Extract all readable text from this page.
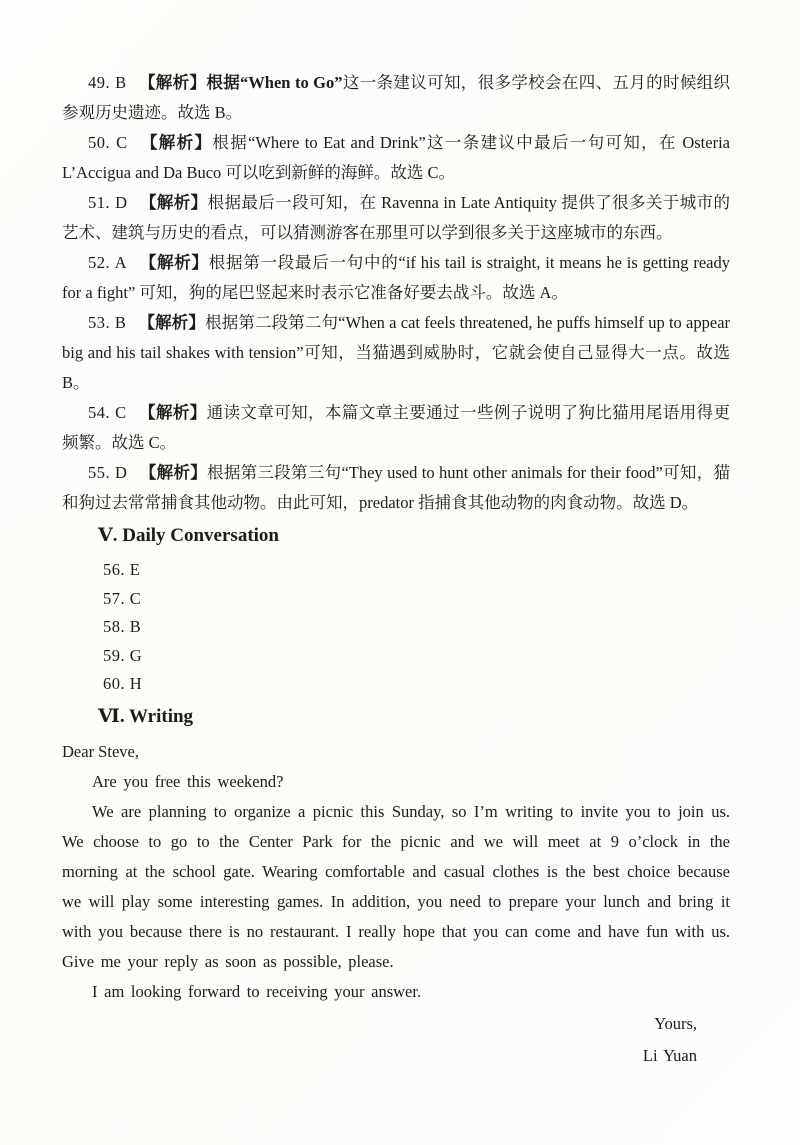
49. B 【解析】根据“When to Go”这一条建议可知，很多学校会在四、五月的时候组织参观历史遗迹。故选 B。

50. C 【解析】根据“Where to Eat and Drink”这一条建议中最后一句可知，在 Osteria L’Accigua and Da Buco 可以吃到新鲜的海鲜。故选 C。

51. D 【解析】根据最后一段可知，在 Ravenna in Late Antiquity 提供了很多关于城市的艺术、建筑与历史的看点，可以猜测游客在那里可以学到很多关于这座城市的东西。

52. A 【解析】根据第一段最后一句中的“if his tail is straight, it means he is getting ready for a fight” 可知，狗的尾巴竖起来时表示它准备好要去战斗。故选 A。

53. B 【解析】根据第二段第二句“When a cat feels threatened, he puffs himself up to appear big and his tail shakes with tension”可知，当猫遇到威胁时，它就会使自己显得大一点。故选 B。

54. C 【解析】通读文章可知，本篇文章主要通过一些例子说明了狗比猫用尾语用得更频繁。故选 C。

55. D 【解析】根据第三段第三句“They used to hunt other animals for their food”可知，猫和狗过去常常捕食其他动物。由此可知，predator 指捕食其他动物的肉食动物。故选 D。

Ⅴ. Daily Conversation

56. E

57. C

58. B

59. G

60. H

Ⅵ. Writing

Dear Steve,

Are you free this weekend?

We are planning to organize a picnic this Sunday, so I’m writing to invite you to join us. We choose to go to the Center Park for the picnic and we will meet at 9 o’clock in the morning at the school gate. Wearing comfortable and casual clothes is the best choice because we will play some interesting games. In addition, you need to prepare your lunch and bring it with you because there is no restaurant. I really hope that you can come and have fun with us. Give me your reply as soon as possible, please.

I am looking forward to receiving your answer.

Yours,

Li Yuan
